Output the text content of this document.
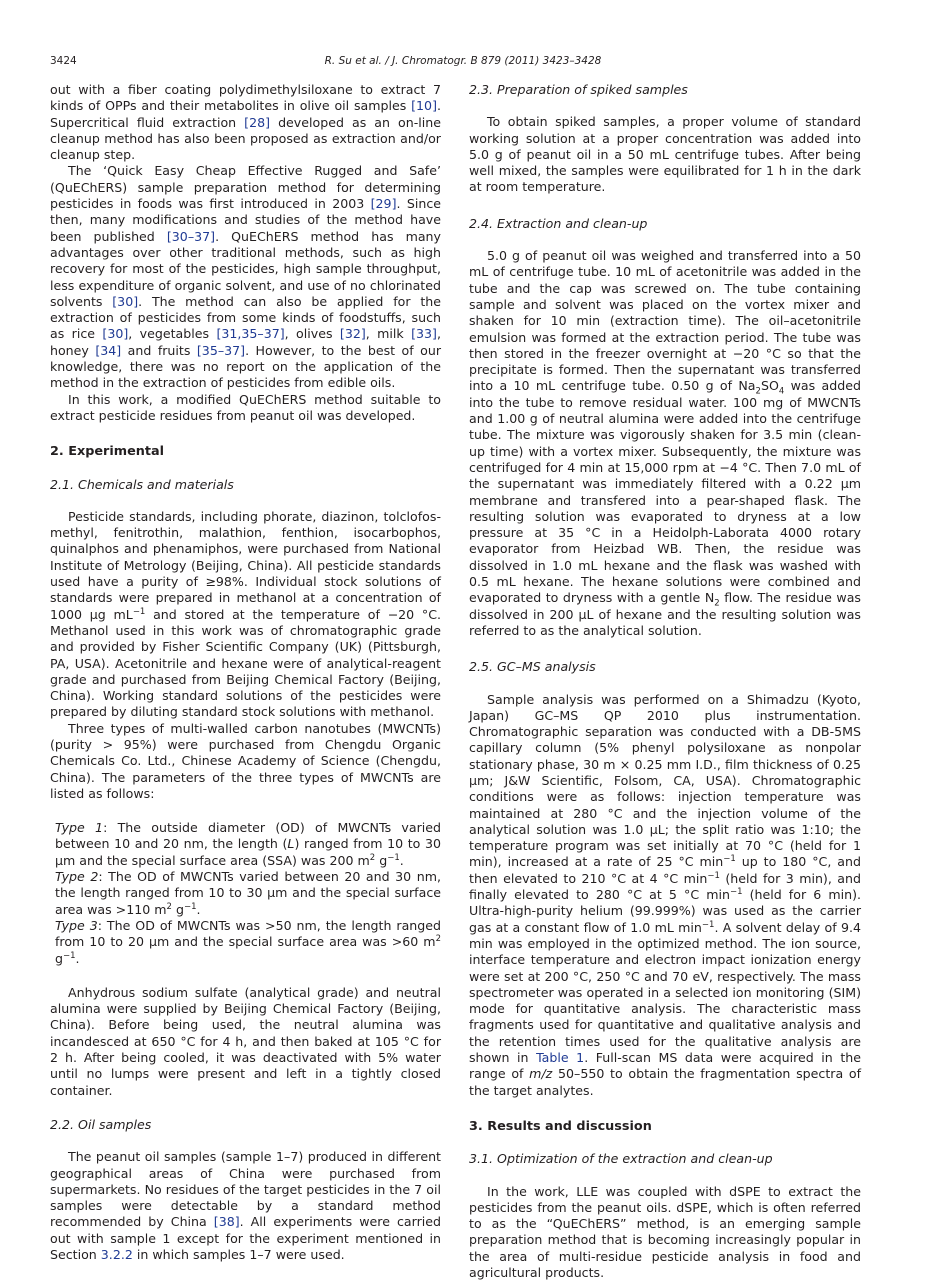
3424	R. Su et al. / J. Chromatogr. B 879 (2011) 3423–3428

out with a fiber coating polydimethylsiloxane to extract 7 kinds of OPPs and their metabolites in olive oil samples [10]. Supercritical fluid extraction [28] developed as an on-line cleanup method has also been proposed as extraction and/or cleanup step.

The ‘Quick Easy Cheap Effective Rugged and Safe’ (QuEChERS) sample preparation method for determining pesticides in foods was first introduced in 2003 [29]. Since then, many modifications and studies of the method have been published [30–37]. QuEChERS method has many advantages over other traditional methods, such as high recovery for most of the pesticides, high sample throughput, less expenditure of organic solvent, and use of no chlorinated solvents [30]. The method can also be applied for the extraction of pesticides from some kinds of foodstuffs, such as rice [30], vegetables [31,35–37], olives [32], milk [33], honey [34] and fruits [35–37]. However, to the best of our knowledge, there was no report on the application of the method in the extraction of pesticides from edible oils.

In this work, a modified QuEChERS method suitable to extract pesticide residues from peanut oil was developed.

2. Experimental
2.1. Chemicals and materials

Pesticide standards, including phorate, diazinon, tolclofos-methyl, fenitrothin, malathion, fenthion, isocarbophos, quinalphos and phenamiphos, were purchased from National Institute of Metrology (Beijing, China). All pesticide standards used have a purity of ≥98%. Individual stock solutions of standards were prepared in methanol at a concentration of 1000 µg $mL^{-1}$ and stored at the temperature of −20 °C. Methanol used in this work was of chromatographic grade and provided by Fisher Scientific Company (UK) (Pittsburgh, PA, USA). Acetonitrile and hexane were of analytical-reagent grade and purchased from Beijing Chemical Factory (Beijing, China). Working standard solutions of the pesticides were prepared by diluting standard stock solutions with methanol.

Three types of multi-walled carbon nanotubes (MWCNTs) (purity > 95%) were purchased from Chengdu Organic Chemicals Co. Ltd., Chinese Academy of Science (Chengdu, China). The parameters of the three types of MWCNTs are listed as follows:

Type 1: The outside diameter (OD) of MWCNTs varied between 10 and 20 nm, the length (L) ranged from 10 to 30 µm and the special surface area (SSA) was 200 $m^2$ $g^{-1}$.

Type 2: The OD of MWCNTs varied between 20 and 30 nm, the length ranged from 10 to 30 µm and the special surface area was >110 $m^2$ $g^{-1}$.

Type 3: The OD of MWCNTs was >50 nm, the length ranged from 10 to 20 µm and the special surface area was >60 $m^2$ $g^{-1}$.

Anhydrous sodium sulfate (analytical grade) and neutral alumina were supplied by Beijing Chemical Factory (Beijing, China). Before being used, the neutral alumina was incandesced at 650 °C for 4 h, and then baked at 105 °C for 2 h. After being cooled, it was deactivated with 5% water until no lumps were present and left in a tightly closed container.

2.2. Oil samples

The peanut oil samples (sample 1–7) produced in different geographical areas of China were purchased from supermarkets. No residues of the target pesticides in the 7 oil samples were detectable by a standard method recommended by China [38]. All experiments were carried out with sample 1 except for the experiment mentioned in Section 3.2.2 in which samples 1–7 were used.

2.3. Preparation of spiked samples

To obtain spiked samples, a proper volume of standard working solution at a proper concentration was added into 5.0 g of peanut oil in a 50 mL centrifuge tubes. After being well mixed, the samples were equilibrated for 1 h in the dark at room temperature.

2.4. Extraction and clean-up

5.0 g of peanut oil was weighed and transferred into a 50 mL of centrifuge tube. 10 mL of acetonitrile was added in the tube and the cap was screwed on. The tube containing sample and solvent was placed on the vortex mixer and shaken for 10 min (extraction time). The oil–acetonitrile emulsion was formed at the extraction period. The tube was then stored in the freezer overnight at −20 °C so that the precipitate is formed. Then the supernatant was transferred into a 10 mL centrifuge tube. 0.50 g of $Na_2SO_4$ was added into the tube to remove residual water. 100 mg of MWCNTs and 1.00 g of neutral alumina were added into the centrifuge tube. The mixture was vigorously shaken for 3.5 min (clean-up time) with a vortex mixer. Subsequently, the mixture was centrifuged for 4 min at 15,000 rpm at −4 °C. Then 7.0 mL of the supernatant was immediately filtered with a 0.22 µm membrane and transfered into a pear-shaped flask. The resulting solution was evaporated to dryness at a low pressure at 35 °C in a Heidolph-Laborata 4000 rotary evaporator from Heizbad WB. Then, the residue was dissolved in 1.0 mL hexane and the flask was washed with 0.5 mL hexane. The hexane solutions were combined and evaporated to dryness with a gentle $N_2$ flow. The residue was dissolved in 200 µL of hexane and the resulting solution was referred to as the analytical solution.

2.5. GC–MS analysis

Sample analysis was performed on a Shimadzu (Kyoto, Japan) GC–MS QP 2010 plus instrumentation. Chromatographic separation was conducted with a DB-5MS capillary column (5% phenyl polysiloxane as nonpolar stationary phase, 30 m × 0.25 mm I.D., film thickness of 0.25 µm; J&W Scientific, Folsom, CA, USA). Chromatographic conditions were as follows: injection temperature was maintained at 280 °C and the injection volume of the analytical solution was 1.0 µL; the split ratio was 1:10; the temperature program was set initially at 70 °C (held for 1 min), increased at a rate of 25 °C $\min^{-1}$ up to 180 °C, and then elevated to 210 °C at 4 °C $\min^{-1}$ (held for 3 min), and finally elevated to 280 °C at 5 °C $\min^{-1}$ (held for 6 min). Ultra-high-purity helium (99.999%) was used as the carrier gas at a constant flow of 1.0 mL $\min^{-1}$. A solvent delay of 9.4 min was employed in the optimized method. The ion source, interface temperature and electron impact ionization energy were set at 200 °C, 250 °C and 70 eV, respectively. The mass spectrometer was operated in a selected ion monitoring (SIM) mode for quantitative analysis. The characteristic mass fragments used for quantitative and qualitative analysis and the retention times used for the qualitative analysis are shown in Table 1. Full-scan MS data were acquired in the range of m/z 50–550 to obtain the fragmentation spectra of the target analytes.

3. Results and discussion
3.1. Optimization of the extraction and clean-up

In the work, LLE was coupled with dSPE to extract the pesticides from the peanut oils. dSPE, which is often referred to as the “QuEChERS” method, is an emerging sample preparation method that is becoming increasingly popular in the area of multi-residue pesticide analysis in food and agricultural products.
